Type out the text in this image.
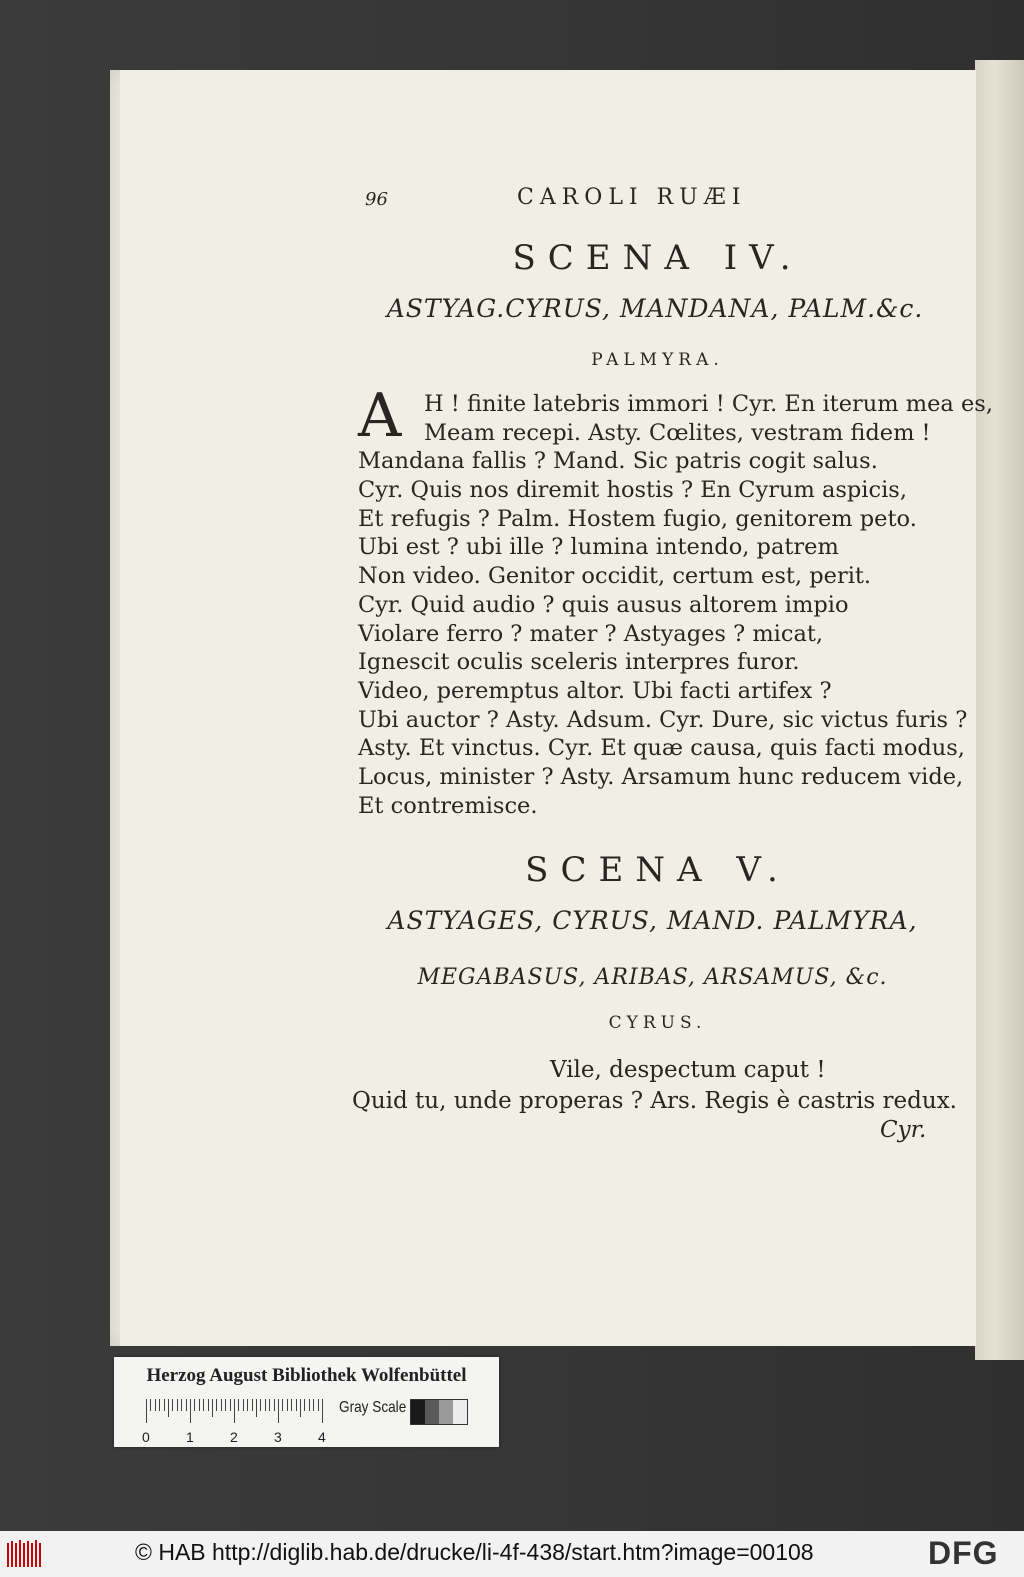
96	CAROLI RUÆI
SCENA IV.
ASTYAG.CYRUS, MANDANA, PALM.&c.
PALMYRA.
A	H ! finite latebris immori ! Cyr. En iterum mea es,
Meam recepi. Asty. Cœlites, vestram fidem !
Mandana fallis ? Mand. Sic patris cogit salus.
Cyr. Quis nos diremit hostis ? En Cyrum aspicis,
Et refugis ? Palm. Hostem fugio, genitorem peto.
Ubi est ? ubi ille ? lumina intendo, patrem
Non video. Genitor occidit, certum est, perit.
Cyr. Quid audio ? quis ausus altorem impio
Violare ferro ? mater ? Astyages ? micat,
Ignescit oculis sceleris interpres furor.
Video, peremptus altor. Ubi facti artifex ?
Ubi auctor ? Asty. Adsum. Cyr. Dure, sic victus furis ?
Asty. Et vinctus. Cyr. Et quæ causa, quis facti modus,
Locus, minister ? Asty. Arsamum hunc reducem vide,
Et contremisce.
SCENA V.
ASTYAGES, CYRUS, MAND. PALMYRA,
MEGABASUS, ARIBAS, ARSAMUS, &c.
CYRUS.
Vile, despectum caput !
Quid tu, unde properas ? Ars. Regis è castris redux.
Cyr.
Herzog August Bibliothek Wolfenbüttel
0	1	2	3	4
Gray Scale
© HAB http://diglib.hab.de/drucke/li-4f-438/start.htm?image=00108	DFG
